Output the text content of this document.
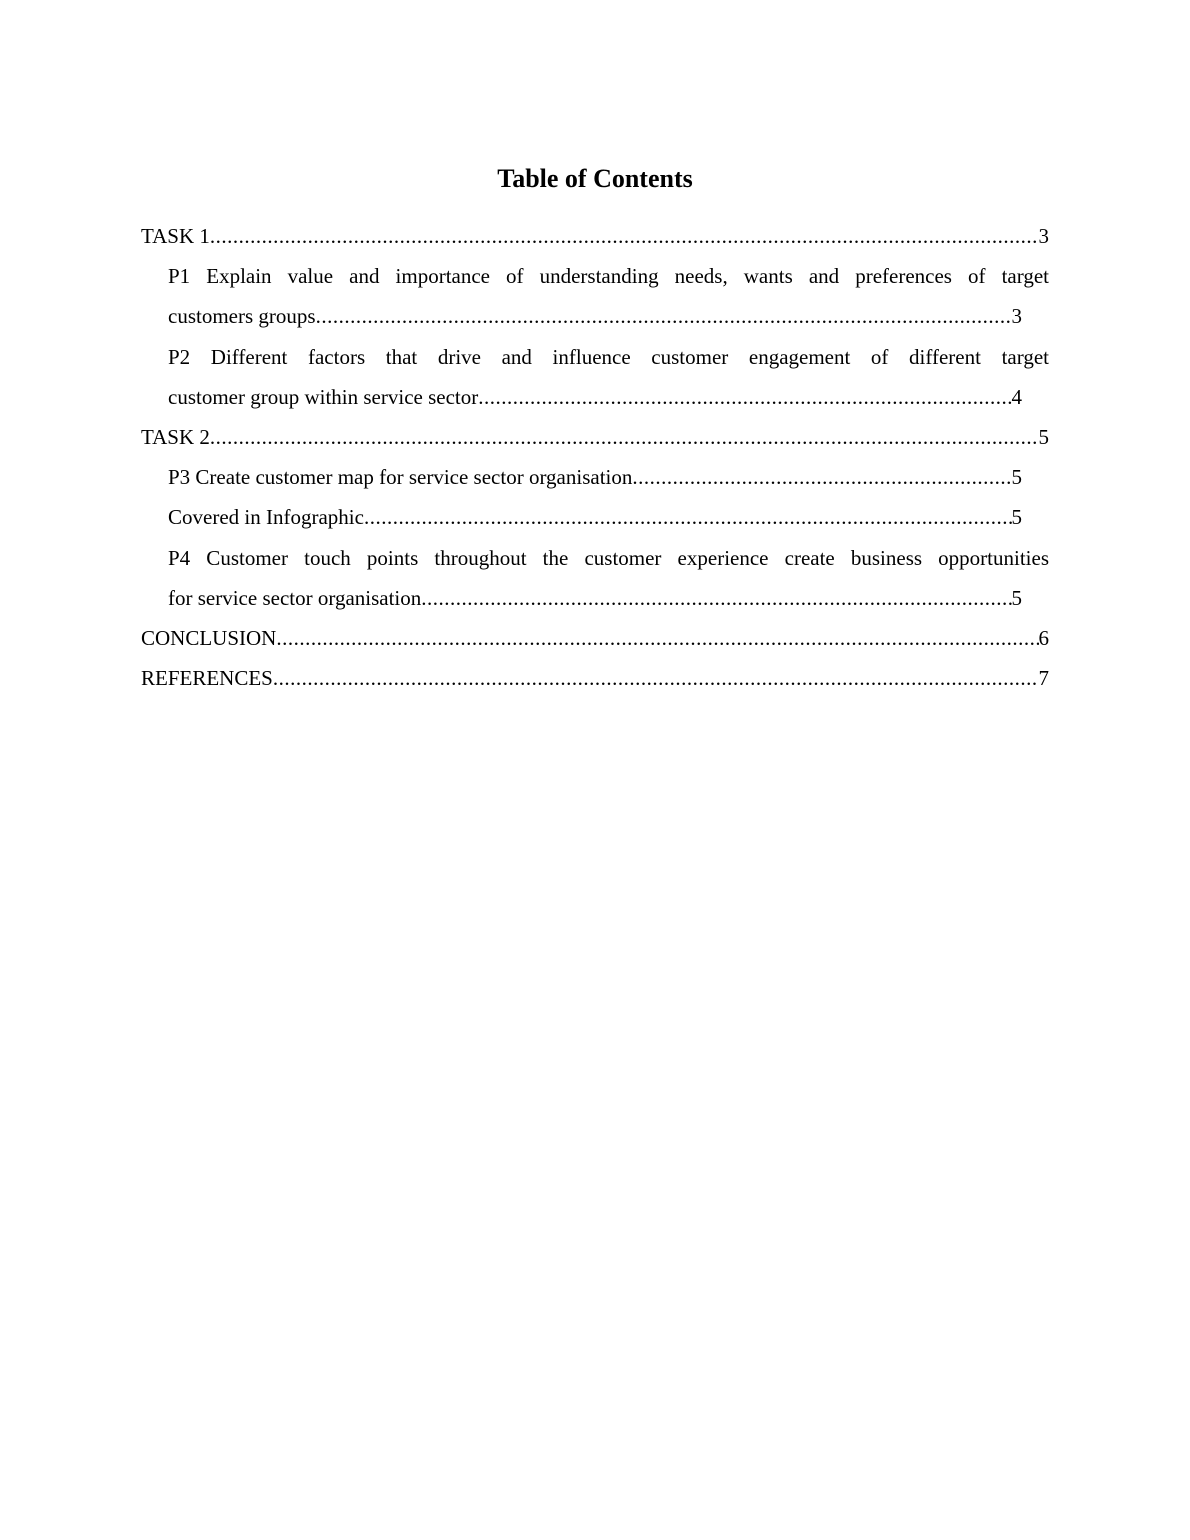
Table of Contents
TASK 1 .....	3
P1 Explain value and importance of understanding needs, wants and preferences of target
customers groups .....	3
P2 Different factors that drive and influence customer engagement of different target
customer group within service sector .....	4
TASK 2 .....	5
P3 Create customer map for service sector organisation .....	5
Covered in Infographic .....	5
P4 Customer touch points throughout the customer experience create business opportunities
for service sector organisation .....	5
CONCLUSION .....	6
REFERENCES .....	7
